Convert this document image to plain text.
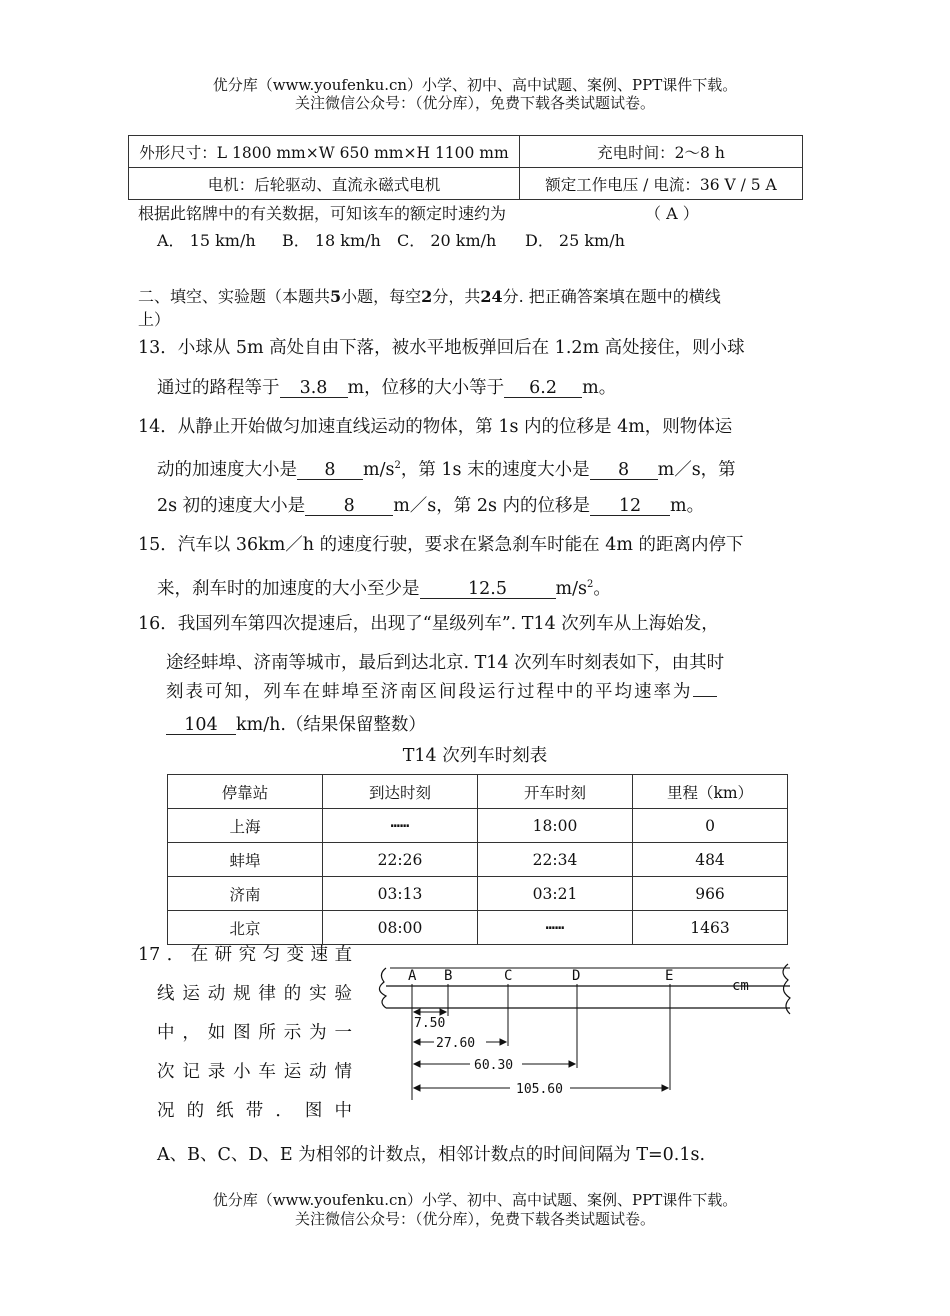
优分库（www.youfenku.cn）小学、初中、高中试题、案例、PPT课件下载。
关注微信公众号：（优分库），免费下载各类试题试卷。
外形尺寸：L 1800 mm×W 650 mm×H 1100 mm	充电时间：2～8 h
电机：后轮驱动、直流永磁式电机	额定工作电压 / 电流：36 V / 5 A
根据此铭牌中的有关数据，可知该车的额定时速约为	（ A ）
A． 15 km/h B． 18 km/h C． 20 km/h D． 25 km/h
二、填空、实验题（本题共5小题，每空2分，共24分. 把正确答案填在题中的横线
上）
13．小球从 5m 高处自由下落，被水平地板弹回后在 1.2m 高处接住，则小球
通过的路程等于 3.8 m，位移的大小等于 6.2 m。
14．从静止开始做匀加速直线运动的物体，第 1s 内的位移是 4m，则物体运
动的加速度大小是 8 $m/s^2$，第 1s 末的速度大小是 8 m／s，第
2s 初的速度大小是 8 m／s，第 2s 内的位移是 12 m。
15．汽车以 36km／h 的速度行驶，要求在紧急刹车时能在 4m 的距离内停下
来，刹车时的加速度的大小至少是	12.5	$m/s^2$。
16．我国列车第四次提速后，出现了“星级列车”. T14 次列车从上海始发，
途经蚌埠、济南等城市，最后到达北京. T14 次列车时刻表如下，由其时
刻表可知，列车在蚌埠至济南区间段运行过程中的平均速率为
104 km/h.（结果保留整数）
T14 次列车时刻表
停靠站	到达时刻	开车时刻	里程（km）
上海	┅┅	18:00	0
蚌埠	22:26	22:34	484
济南	03:13	03:21	966
北京	08:00	┅┅	1463
17．在研究匀变速直
线运动规律的实验
中，如图所示为一
次记录小车运动情
况的纸带．图中
A、B、C、D、E 为相邻的计数点，相邻计数点的时间间隔为 T=0.1s.
A B	C	D	E
cm
7.50
27.60
60.30
105.60
优分库（www.youfenku.cn）小学、初中、高中试题、案例、PPT课件下载。
关注微信公众号：（优分库），免费下载各类试题试卷。
